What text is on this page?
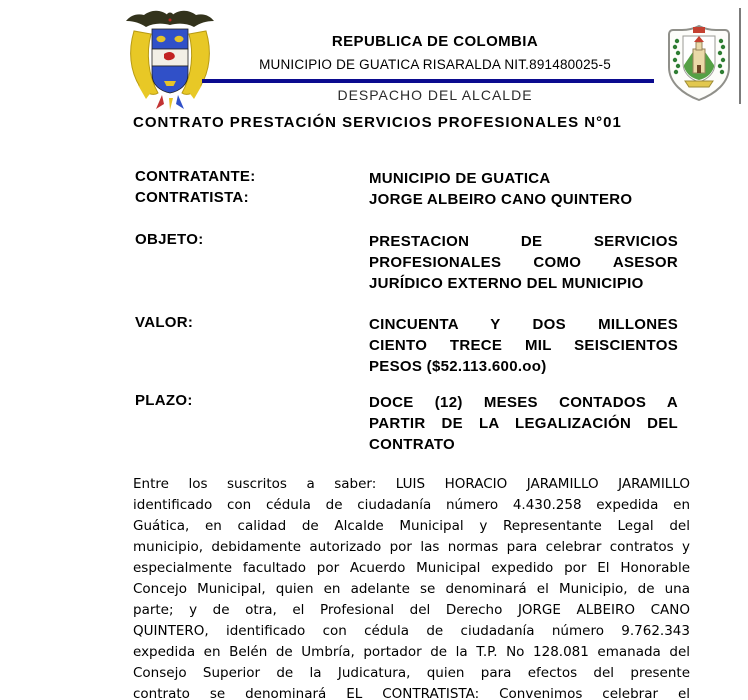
REPUBLICA DE COLOMBIA
MUNICIPIO DE GUATICA RISARALDA NIT.891480025-5
DESPACHO DEL ALCALDE
CONTRATO PRESTACIÓN SERVICIOS PROFESIONALES N°01
CONTRATANTE:	MUNICIPIO DE GUATICA
CONTRATISTA:	JORGE ALBEIRO CANO QUINTERO
OBJETO:	PRESTACION DE SERVICIOS
PROFESIONALES COMO ASESOR
JURÍDICO EXTERNO DEL MUNICIPIO
VALOR:	CINCUENTA Y DOS MILLONES
CIENTO TRECE MIL SEISCIENTOS
PESOS ($52.113.600.oo)
PLAZO:	DOCE (12) MESES CONTADOS A
PARTIR DE LA LEGALIZACIÓN DEL
CONTRATO
Entre los suscritos a saber: LUIS HORACIO JARAMILLO JARAMILLO
identificado con cédula de ciudadanía número 4.430.258 expedida en
Guática, en calidad de Alcalde Municipal y Representante Legal del
municipio, debidamente autorizado por las normas para celebrar contratos y
especialmente facultado por Acuerdo Municipal expedido por El Honorable
Concejo Municipal, quien en adelante se denominará el Municipio, de una
parte; y de otra, el Profesional del Derecho JORGE ALBEIRO CANO
QUINTERO, identificado con cédula de ciudadanía número 9.762.343
expedida en Belén de Umbría, portador de la T.P. No 128.081 emanada del
Consejo Superior de la Judicatura, quien para efectos del presente
contrato se denominará EL CONTRATISTA: Convenimos celebrar el
